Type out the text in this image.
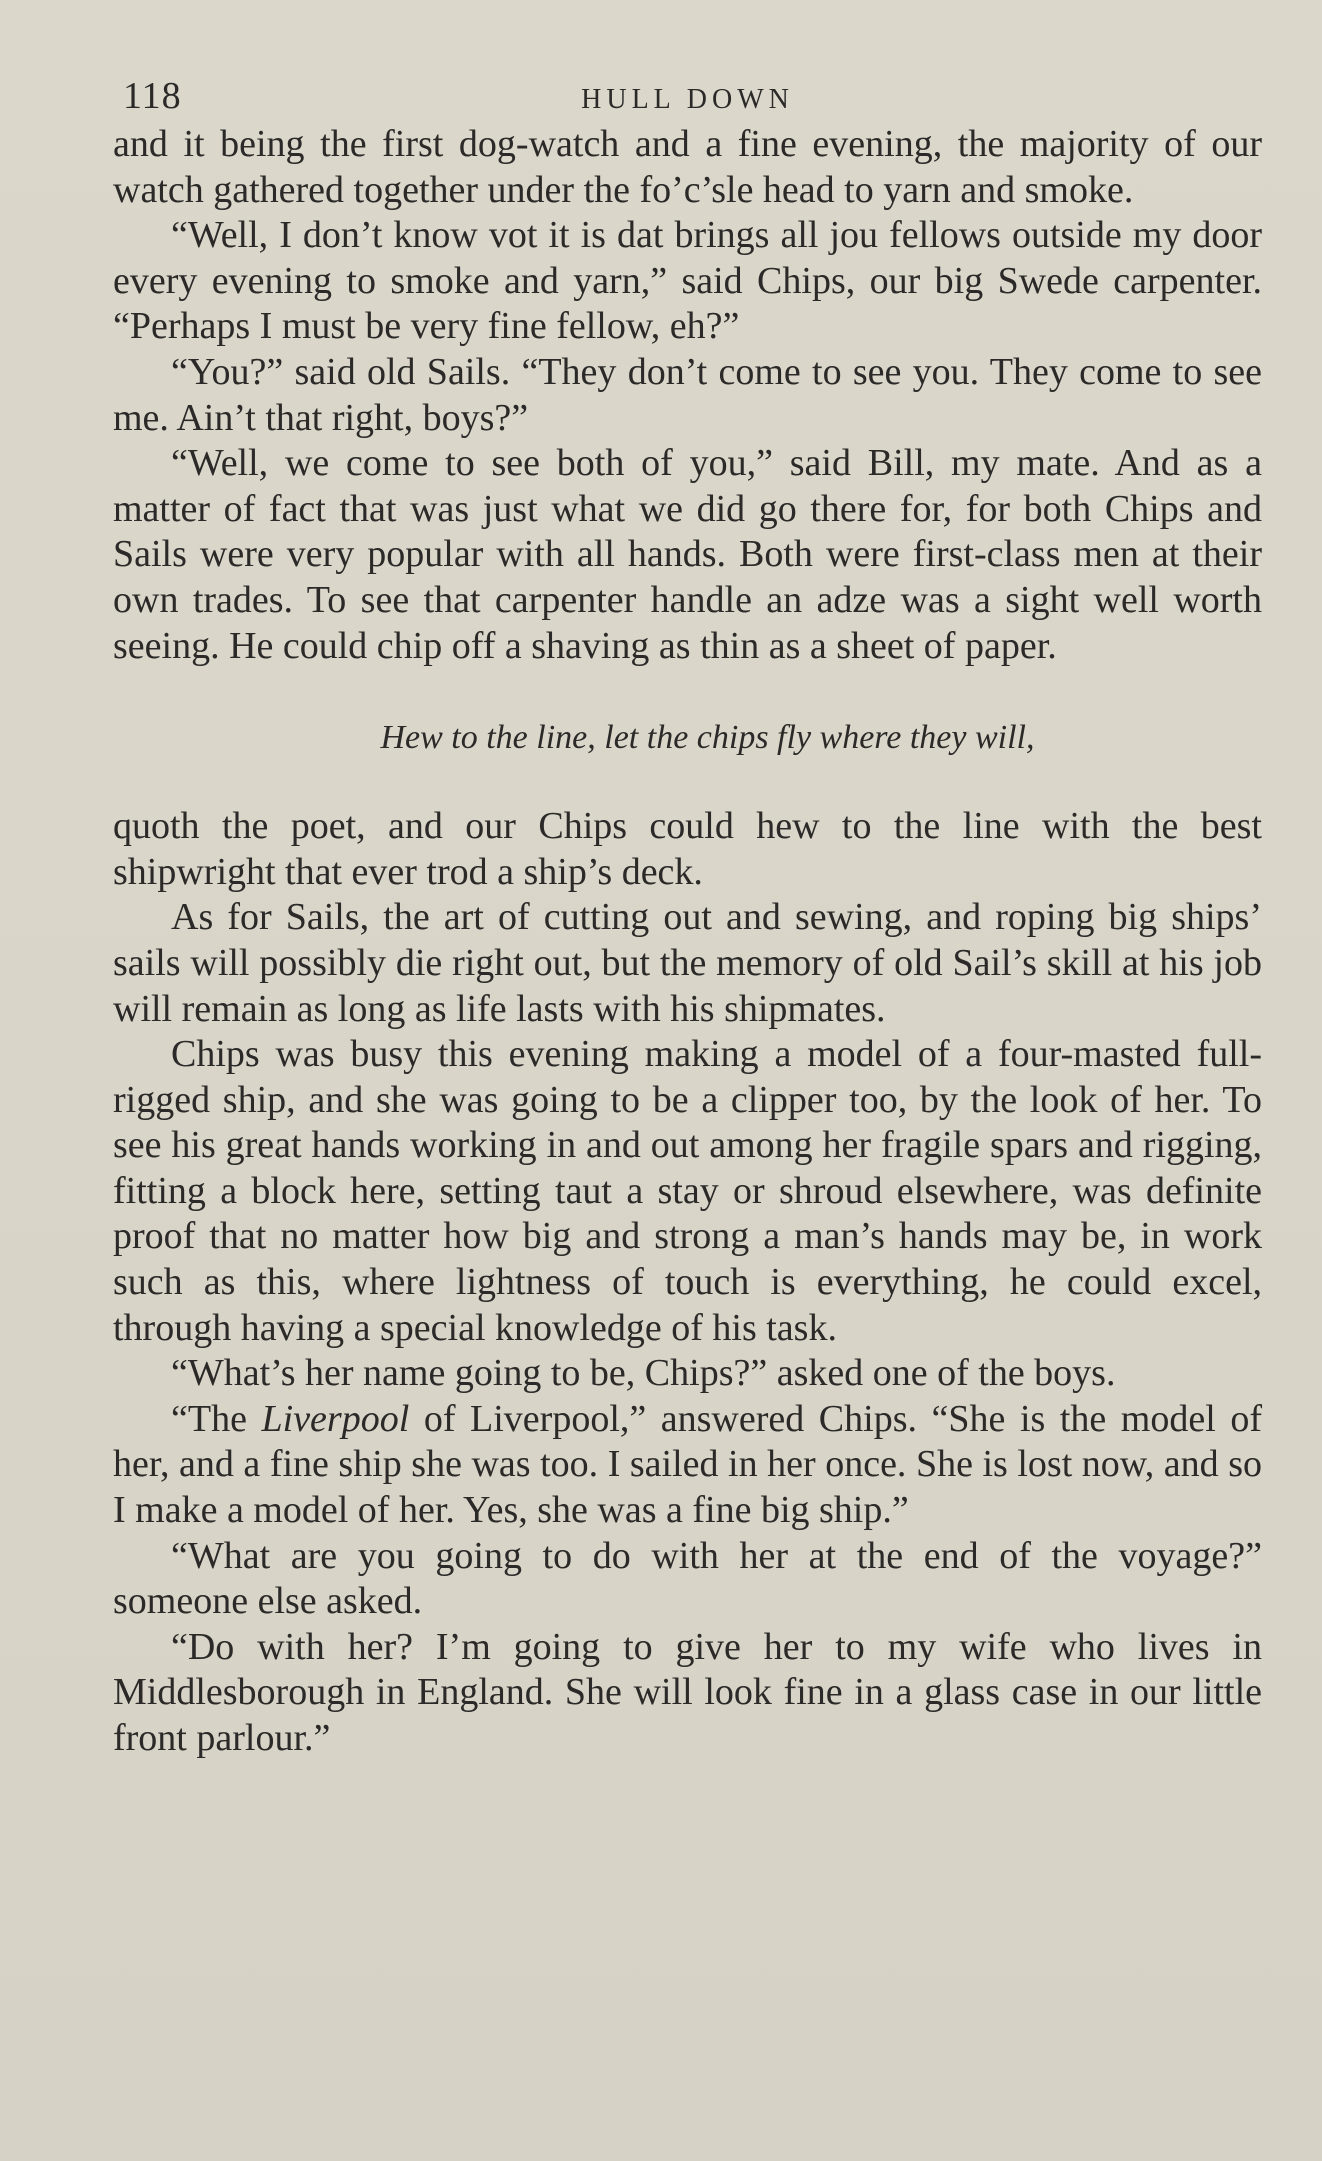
118	HULL DOWN

and it being the first dog-watch and a fine evening, the majority of our watch gathered together under the fo’c’sle head to yarn and smoke.

“Well, I don’t know vot it is dat brings all jou fellows outside my door every evening to smoke and yarn,” said Chips, our big Swede carpenter. “Perhaps I must be very fine fellow, eh?”

“You?” said old Sails. “They don’t come to see you. They come to see me. Ain’t that right, boys?”

“Well, we come to see both of you,” said Bill, my mate. And as a matter of fact that was just what we did go there for, for both Chips and Sails were very popular with all hands. Both were first-class men at their own trades. To see that carpenter handle an adze was a sight well worth seeing. He could chip off a shaving as thin as a sheet of paper.

Hew to the line, let the chips fly where they will,

quoth the poet, and our Chips could hew to the line with the best shipwright that ever trod a ship’s deck.

As for Sails, the art of cutting out and sewing, and roping big ships’ sails will possibly die right out, but the memory of old Sail’s skill at his job will remain as long as life lasts with his shipmates.

Chips was busy this evening making a model of a four-masted full-rigged ship, and she was going to be a clipper too, by the look of her. To see his great hands working in and out among her fragile spars and rigging, fitting a block here, setting taut a stay or shroud elsewhere, was definite proof that no matter how big and strong a man’s hands may be, in work such as this, where lightness of touch is everything, he could excel, through having a special knowledge of his task.

“What’s her name going to be, Chips?” asked one of the boys.

“The Liverpool of Liverpool,” answered Chips. “She is the model of her, and a fine ship she was too. I sailed in her once. She is lost now, and so I make a model of her. Yes, she was a fine big ship.”

“What are you going to do with her at the end of the voyage?” someone else asked.

“Do with her? I’m going to give her to my wife who lives in Middlesborough in England. She will look fine in a glass case in our little front parlour.”
